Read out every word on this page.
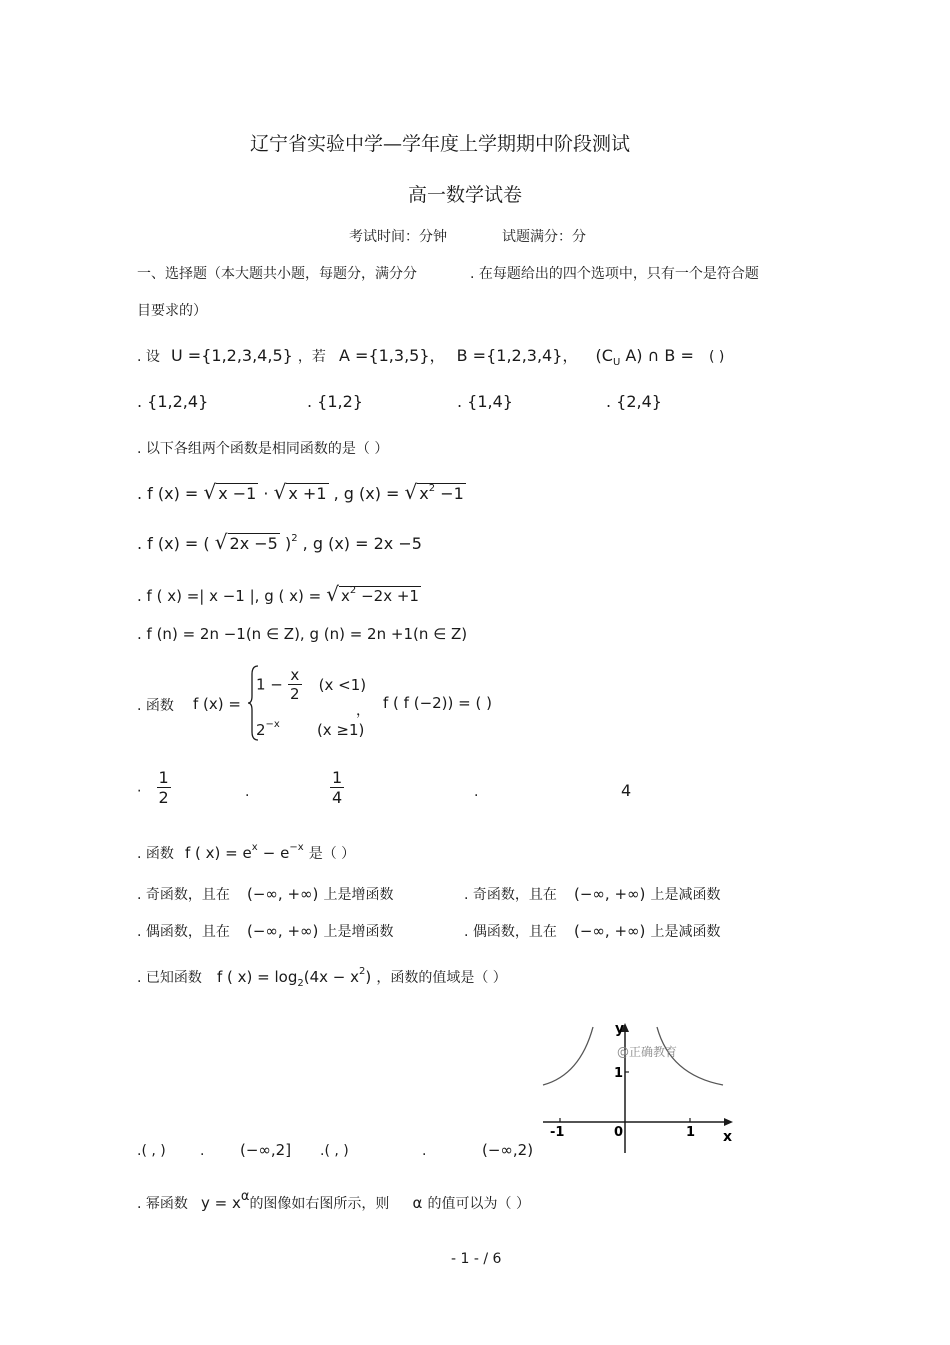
辽宁省实验中学—学年度上学期期中阶段测试
高一数学试卷
考试时间：分钟	试题满分：分
一、选择题（本大题共小题，每题分，满分分	. 在每题给出的四个选项中，只有一个是符合题
目要求的）
. 设 U ={1,2,3,4,5} ，若 A ={1,3,5}， B ={1,2,3,4}， ($C_U$ A) ∩ B = ( )
. {1,2,4}	. {1,2}	. {1,4}	. {2,4}
. 以下各组两个函数是相同函数的是（ ）
. f (x) = √ x −1 · √ x +1 , g (x) = √ $x^2 -1$
. f (x) = ( √ 2x −5 )$^2$ , g (x) = 2x −5
. f ( x) =| x −1 |, g ( x) = √ $x^2 -2x +1$
. f (n) = 2n −1(n ∈ Z), g (n) = 2n +1(n ∈ Z)
. 函数 f (x) =
$1 - \frac{x}{2} (x <1)$
$2^{-x}$ (x ≥1)
， f ( f (−2)) = ( )
. $\frac{1}{2}$	.	$\frac{1}{4}$	.	4
. 函数 f ( $x) = e^x - e^{-x}$ 是（ ）
. 奇函数，且在 (−∞, +∞) 上是增函数	. 奇函数，且在 (−∞, +∞) 上是减函数
. 偶函数，且在 (−∞, +∞) 上是增函数	. 偶函数，且在 (−∞, +∞) 上是减函数
. 已知函数 f ( $x) = \log_2(4x - x^2)$ ，函数的值域是（ ）
.( , ) . (−∞,2] .( , )	.	(−∞,2)
y
x
0
-1	1
1
@正确教育
. 幂函数 $y = x^\alpha$的图像如右图所示，则 α 的值可以为（ ）
- 1 - / 6
